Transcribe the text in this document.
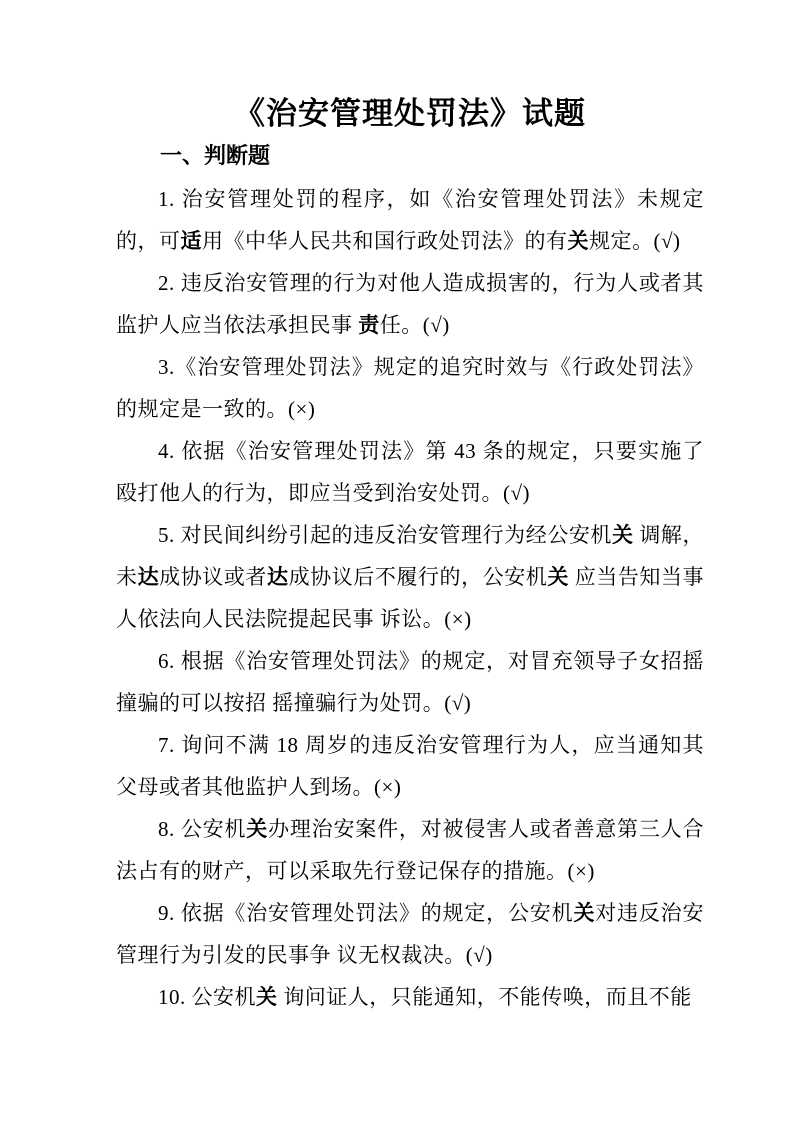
《治安管理处罚法》试题
一、判断题

1. 治安管理处罚的程序，如《治安管理处罚法》未规定的，可适用《中华人民共和国行政处罚法》的有关规定。(√)

2. 违反治安管理的行为对他人造成损害的，行为人或者其监护人应当依法承担民事 责任。(√)

3.《治安管理处罚法》规定的追究时效与《行政处罚法》的规定是一致的。(×)

4. 依据《治安管理处罚法》第 43 条的规定，只要实施了殴打他人的行为，即应当受到治安处罚。(√)

5. 对民间纠纷引起的违反治安管理行为经公安机关 调解，未达成协议或者达成协议后不履行的，公安机关 应当告知当事人依法向人民法院提起民事 诉讼。(×)

6. 根据《治安管理处罚法》的规定，对冒充领导子女招摇撞骗的可以按招 摇撞骗行为处罚。(√)

7. 询问不满 18 周岁的违反治安管理行为人，应当通知其父母或者其他监护人到场。(×)

8. 公安机关办理治安案件，对被侵害人或者善意第三人合法占有的财产，可以采取先行登记保存的措施。(×)

9. 依据《治安管理处罚法》的规定，公安机关对违反治安管理行为引发的民事争 议无权裁决。(√)

10. 公安机关 询问证人，只能通知，不能传唤，而且不能
